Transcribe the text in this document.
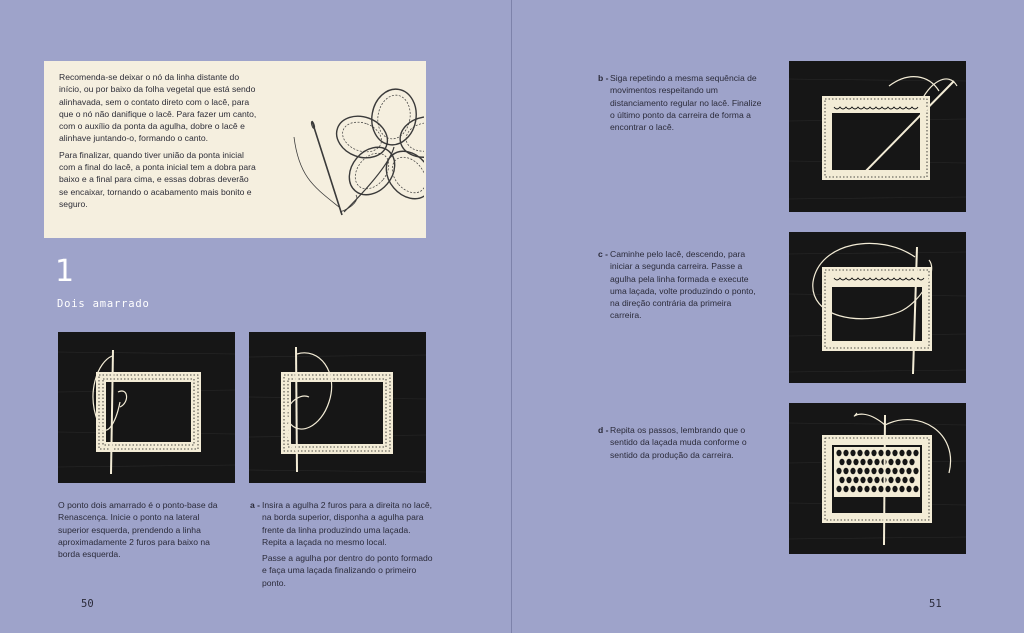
Recomenda-se deixar o nó da linha distante do início, ou por baixo da folha vegetal que está sendo alinhavada, sem o contato direto com o lacê, para que o nó não danifique o lacê. Para fazer um canto, com o auxílio da ponta da agulha, dobre o lacê e alinhave juntando-o, formando o canto.

Para finalizar, quando tiver união da ponta inicial com a final do lacê, a ponta inicial tem a dobra para baixo e a final para cima, e essas dobras deverão se encaixar, tornando o acabamento mais bonito e seguro.

1
Dois amarrado

O ponto dois amarrado é o ponto-base da Renascença. Inicie o ponto na lateral superior esquerda, prendendo a linha aproximadamente 2 furos para baixo na borda esquerda.

a - Insira a agulha 2 furos para a direita no lacê, na borda superior, disponha a agulha para frente da linha produzindo uma laçada. Repita a laçada no mesmo local.

Passe a agulha por dentro do ponto formado e faça uma laçada finalizando o primeiro ponto.

50
b - Siga repetindo a mesma sequência de movimentos respeitando um distanciamento regular no lacê. Finalize o último ponto da carreira de forma a encontrar o lacê.

c - Caminhe pelo lacê, descendo, para iniciar a segunda carreira. Passe a agulha pela linha formada e execute uma laçada, volte produzindo o ponto, na direção contrária da primeira carreira.

d - Repita os passos, lembrando que o sentido da laçada muda conforme o sentido da produção da carreira.

51
